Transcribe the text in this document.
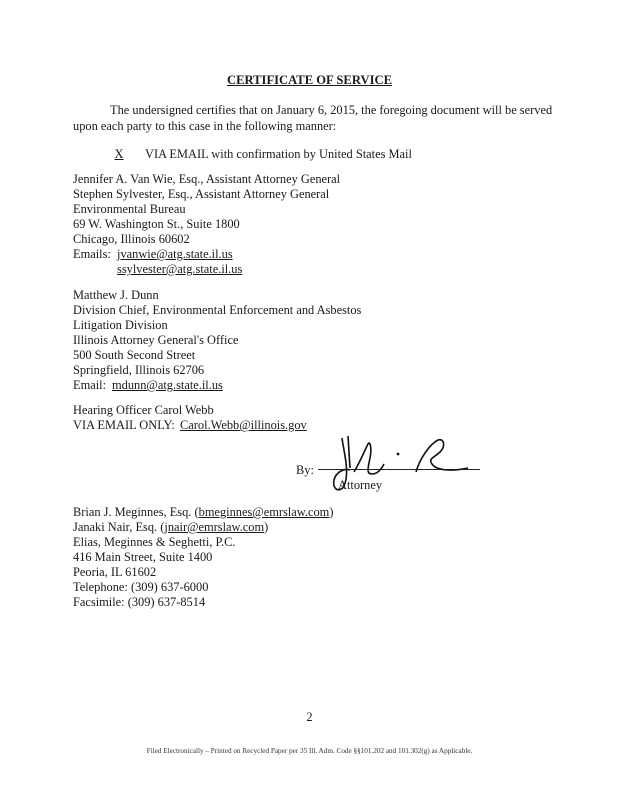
CERTIFICATE OF SERVICE
The undersigned certifies that on January 6, 2015, the foregoing document will be served
upon each party to this case in the following manner:
X	VIA EMAIL with confirmation by United States Mail
Jennifer A. Van Wie, Esq., Assistant Attorney General
Stephen Sylvester, Esq., Assistant Attorney General
Environmental Bureau
69 W. Washington St., Suite 1800
Chicago, Illinois 60602
Emails: jvanwie@atg.state.il.us
ssylvester@atg.state.il.us
Matthew J. Dunn
Division Chief, Environmental Enforcement and Asbestos
Litigation Division
Illinois Attorney General's Office
500 South Second Street
Springfield, Illinois 62706
Email: mdunn@atg.state.il.us
Hearing Officer Carol Webb
VIA EMAIL ONLY: Carol.Webb@illinois.gov
By:
Attorney
Brian J. Meginnes, Esq. (bmeginnes@emrslaw.com)
Janaki Nair, Esq. (jnair@emrslaw.com)
Elias, Meginnes & Seghetti, P.C.
416 Main Street, Suite 1400
Peoria, IL 61602
Telephone: (309) 637-6000
Facsimile: (309) 637-8514
2
Filed Electronically – Printed on Recycled Paper per 35 Ill. Adm. Code §§101.202 and 101.302(g) as Applicable.
